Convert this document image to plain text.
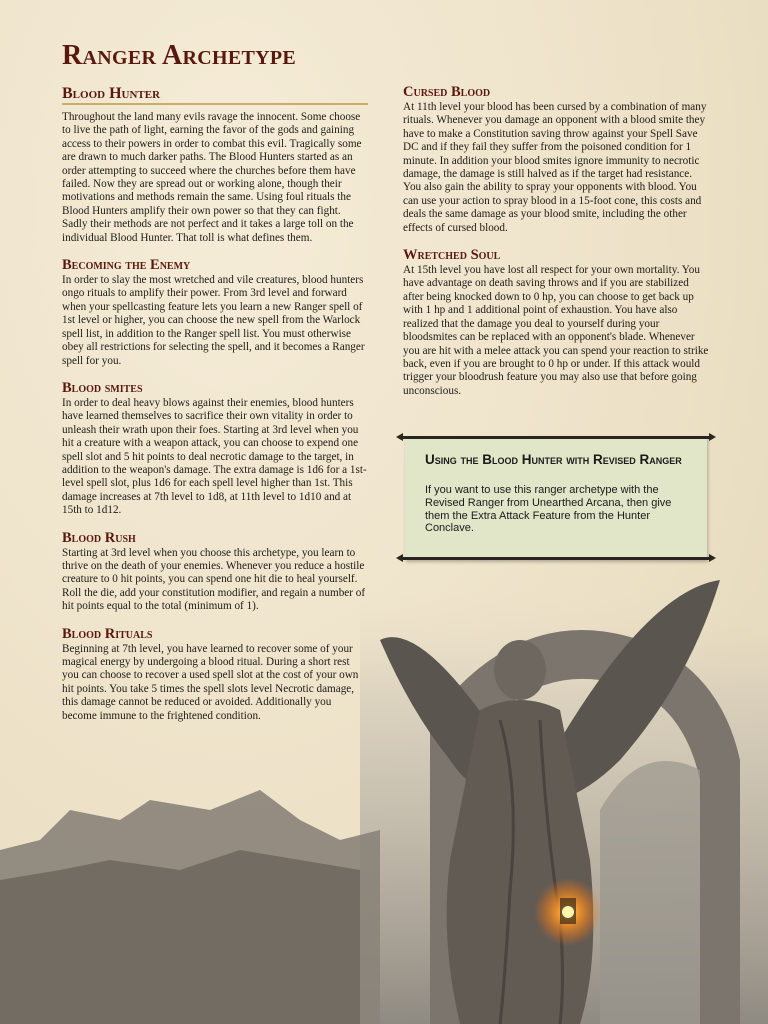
Ranger Archetype
Blood Hunter

Throughout the land many evils ravage the innocent. Some choose to live the path of light, earning the favor of the gods and gaining access to their powers in order to combat this evil. Tragically some are drawn to much darker paths. The Blood Hunters started as an order attempting to succeed where the churches before them have failed. Now they are spread out or working alone, though their motivations and methods remain the same. Using foul rituals the Blood Hunters amplify their own power so that they can fight. Sadly their methods are not perfect and it takes a large toll on the individual Blood Hunter. That toll is what defines them.

Becoming the Enemy

In order to slay the most wretched and vile creatures, blood hunters ongo rituals to amplify their power. From 3rd level and forward when your spellcasting feature lets you learn a new Ranger spell of 1st level or higher, you can choose the new spell from the Warlock spell list, in addition to the Ranger spell list. You must otherwise obey all restrictions for selecting the spell, and it becomes a Ranger spell for you.

Blood smites

In order to deal heavy blows against their enemies, blood hunters have learned themselves to sacrifice their own vitality in order to unleash their wrath upon their foes. Starting at 3rd level when you hit a creature with a weapon attack, you can choose to expend one spell slot and 5 hit points to deal necrotic damage to the target, in addition to the weapon's damage. The extra damage is 1d6 for a 1st-level spell slot, plus 1d6 for each spell level higher than 1st. This damage increases at 7th level to 1d8, at 11th level to 1d10 and at 15th to 1d12.

Blood Rush

Starting at 3rd level when you choose this archetype, you learn to thrive on the death of your enemies. Whenever you reduce a hostile creature to 0 hit points, you can spend one hit die to heal yourself. Roll the die, add your constitution modifier, and regain a number of hit points equal to the total (minimum of 1).

Blood Rituals

Beginning at 7th level, you have learned to recover some of your magical energy by undergoing a blood ritual. During a short rest you can choose to recover a used spell slot at the cost of your own hit points. You take 5 times the spell slots level Necrotic damage, this damage cannot be reduced or avoided. Additionally you become immune to the frightened condition.

Cursed Blood

At 11th level your blood has been cursed by a combination of many rituals. Whenever you damage an opponent with a blood smite they have to make a Constitution saving throw against your Spell Save DC and if they fail they suffer from the poisoned condition for 1 minute. In addition your blood smites ignore immunity to necrotic damage, the damage is still halved as if the target had resistance. You also gain the ability to spray your opponents with blood. You can use your action to spray blood in a 15-foot cone, this costs and deals the same damage as your blood smite, including the other effects of cursed blood.

Wretched Soul

At 15th level you have lost all respect for your own mortality. You have advantage on death saving throws and if you are stabilized after being knocked down to 0 hp, you can choose to get back up with 1 hp and 1 additional point of exhaustion. You have also realized that the damage you deal to yourself during your bloodsmites can be replaced with an opponent's blade. Whenever you are hit with a melee attack you can spend your reaction to strike back, even if you are brought to 0 hp or under. If this attack would trigger your bloodrush feature you may also use that before going unconscious.

Using the Blood Hunter with Revised Ranger
If you want to use this ranger archetype with the Revised Ranger from Unearthed Arcana, then give them the Extra Attack Feature from the Hunter Conclave.
